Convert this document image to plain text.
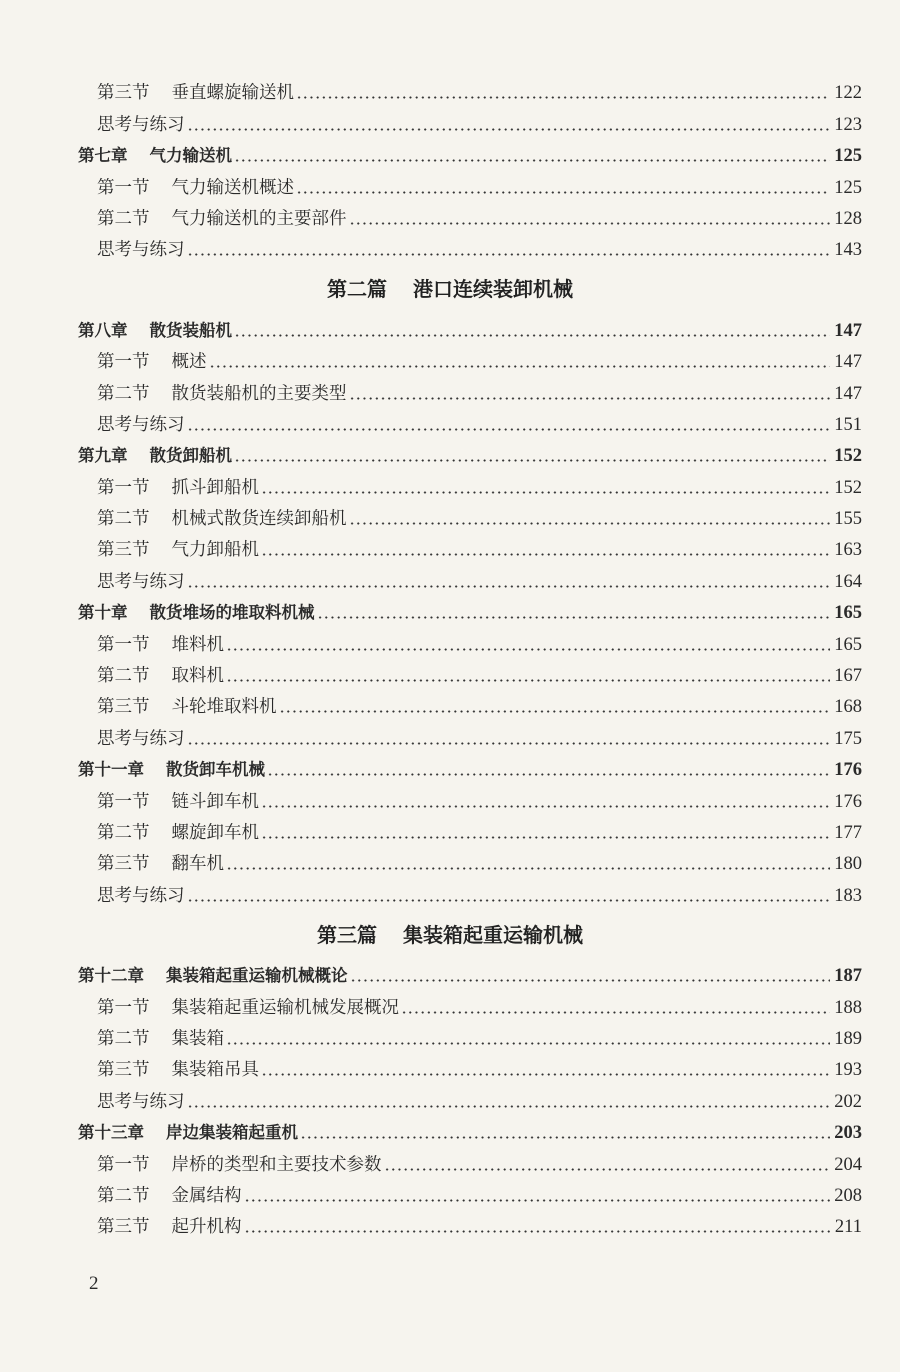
第三节 垂直螺旋输送机	122
思考与练习	123
第七章 气力输送机	125
第一节 气力输送机概述	125
第二节 气力输送机的主要部件	128
思考与练习	143
第二篇 港口连续装卸机械
第八章 散货装船机	147
第一节 概述	147
第二节 散货装船机的主要类型	147
思考与练习	151
第九章 散货卸船机	152
第一节 抓斗卸船机	152
第二节 机械式散货连续卸船机	155
第三节 气力卸船机	163
思考与练习	164
第十章 散货堆场的堆取料机械	165
第一节 堆料机	165
第二节 取料机	167
第三节 斗轮堆取料机	168
思考与练习	175
第十一章 散货卸车机械	176
第一节 链斗卸车机	176
第二节 螺旋卸车机	177
第三节 翻车机	180
思考与练习	183
第三篇 集装箱起重运输机械
第十二章 集装箱起重运输机械概论	187
第一节 集装箱起重运输机械发展概况	188
第二节 集装箱	189
第三节 集装箱吊具	193
思考与练习	202
第十三章 岸边集装箱起重机	203
第一节 岸桥的类型和主要技术参数	204
第二节 金属结构	208
第三节 起升机构	211
2
